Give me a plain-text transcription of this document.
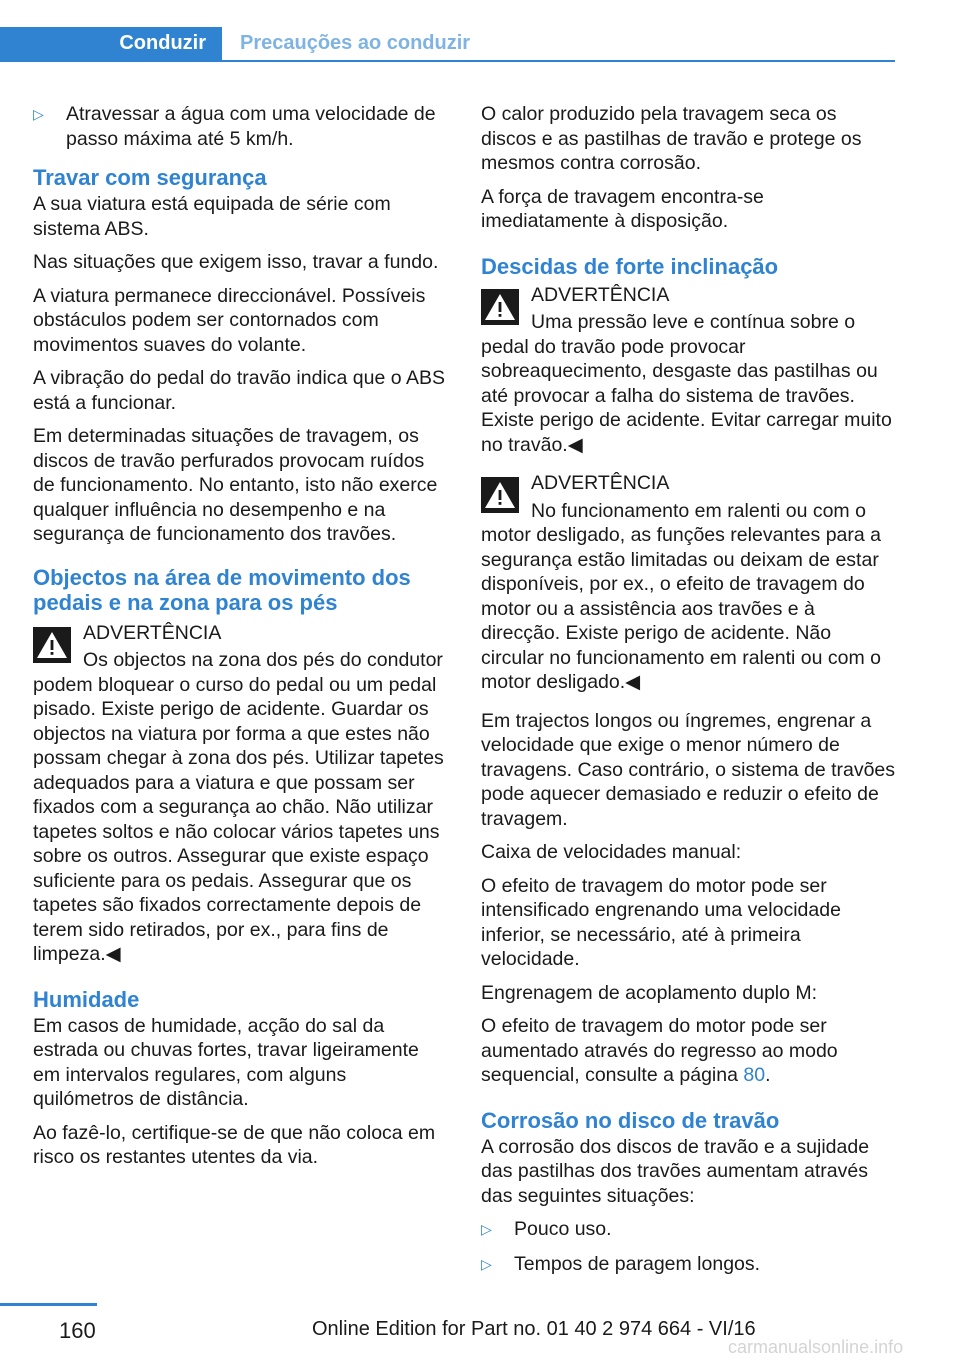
Conduzir	Precauções ao conduzir
▷	Atravessar a água com uma velocidade de passo máxima até 5 km/h.
Travar com segurança

A sua viatura está equipada de série com sistema ABS.

Nas situações que exigem isso, travar a fundo.

A viatura permanece direccionável. Possíveis obstáculos podem ser contornados com movimentos suaves do volante.

A vibração do pedal do travão indica que o ABS está a funcionar.

Em determinadas situações de travagem, os discos de travão perfurados provocam ruídos de funcionamento. No entanto, isto não exerce qualquer influência no desempenho e na segurança de funcionamento dos travões.

Objectos na área de movimento dos pedais e na zona para os pés
ADVERTÊNCIA
Os objectos na zona dos pés do condutor podem bloquear o curso do pedal ou um pedal pisado. Existe perigo de acidente. Guardar os objectos na viatura por forma a que estes não possam chegar à zona dos pés. Utilizar tapetes adequados para a viatura e que possam ser fixados com a segurança ao chão. Não utilizar tapetes soltos e não colocar vários tapetes uns sobre os outros. Assegurar que existe espaço suficiente para os pedais. Assegurar que os tapetes são fixados correctamente depois de terem sido retirados, por ex., para fins de limpeza.◀
Humidade

Em casos de humidade, acção do sal da estrada ou chuvas fortes, travar ligeiramente em intervalos regulares, com alguns quilómetros de distância.

Ao fazê-lo, certifique-se de que não coloca em risco os restantes utentes da via.

O calor produzido pela travagem seca os discos e as pastilhas de travão e protege os mesmos contra corrosão.

A força de travagem encontra-se imediatamente à disposição.

Descidas de forte inclinação
ADVERTÊNCIA
Uma pressão leve e contínua sobre o pedal do travão pode provocar sobreaquecimento, desgaste das pastilhas ou até provocar a falha do sistema de travões. Existe perigo de acidente. Evitar carregar muito no travão.◀
ADVERTÊNCIA
No funcionamento em ralenti ou com o motor desligado, as funções relevantes para a segurança estão limitadas ou deixam de estar disponíveis, por ex., o efeito de travagem do motor ou a assistência aos travões e à direcção. Existe perigo de acidente. Não circular no funcionamento em ralenti ou com o motor desligado.◀

Em trajectos longos ou íngremes, engrenar a velocidade que exige o menor número de travagens. Caso contrário, o sistema de travões pode aquecer demasiado e reduzir o efeito de travagem.

Caixa de velocidades manual:

O efeito de travagem do motor pode ser intensificado engrenando uma velocidade inferior, se necessário, até à primeira velocidade.

Engrenagem de acoplamento duplo M:

O efeito de travagem do motor pode ser aumentado através do regresso ao modo sequencial, consulte a página 80.

Corrosão no disco de travão

A corrosão dos discos de travão e a sujidade das pastilhas dos travões aumentam através das seguintes situações:

▷	Pouco uso.
▷	Tempos de paragem longos.
160	Online Edition for Part no. 01 40 2 974 664 - VI/16
carmanualsonline.info
